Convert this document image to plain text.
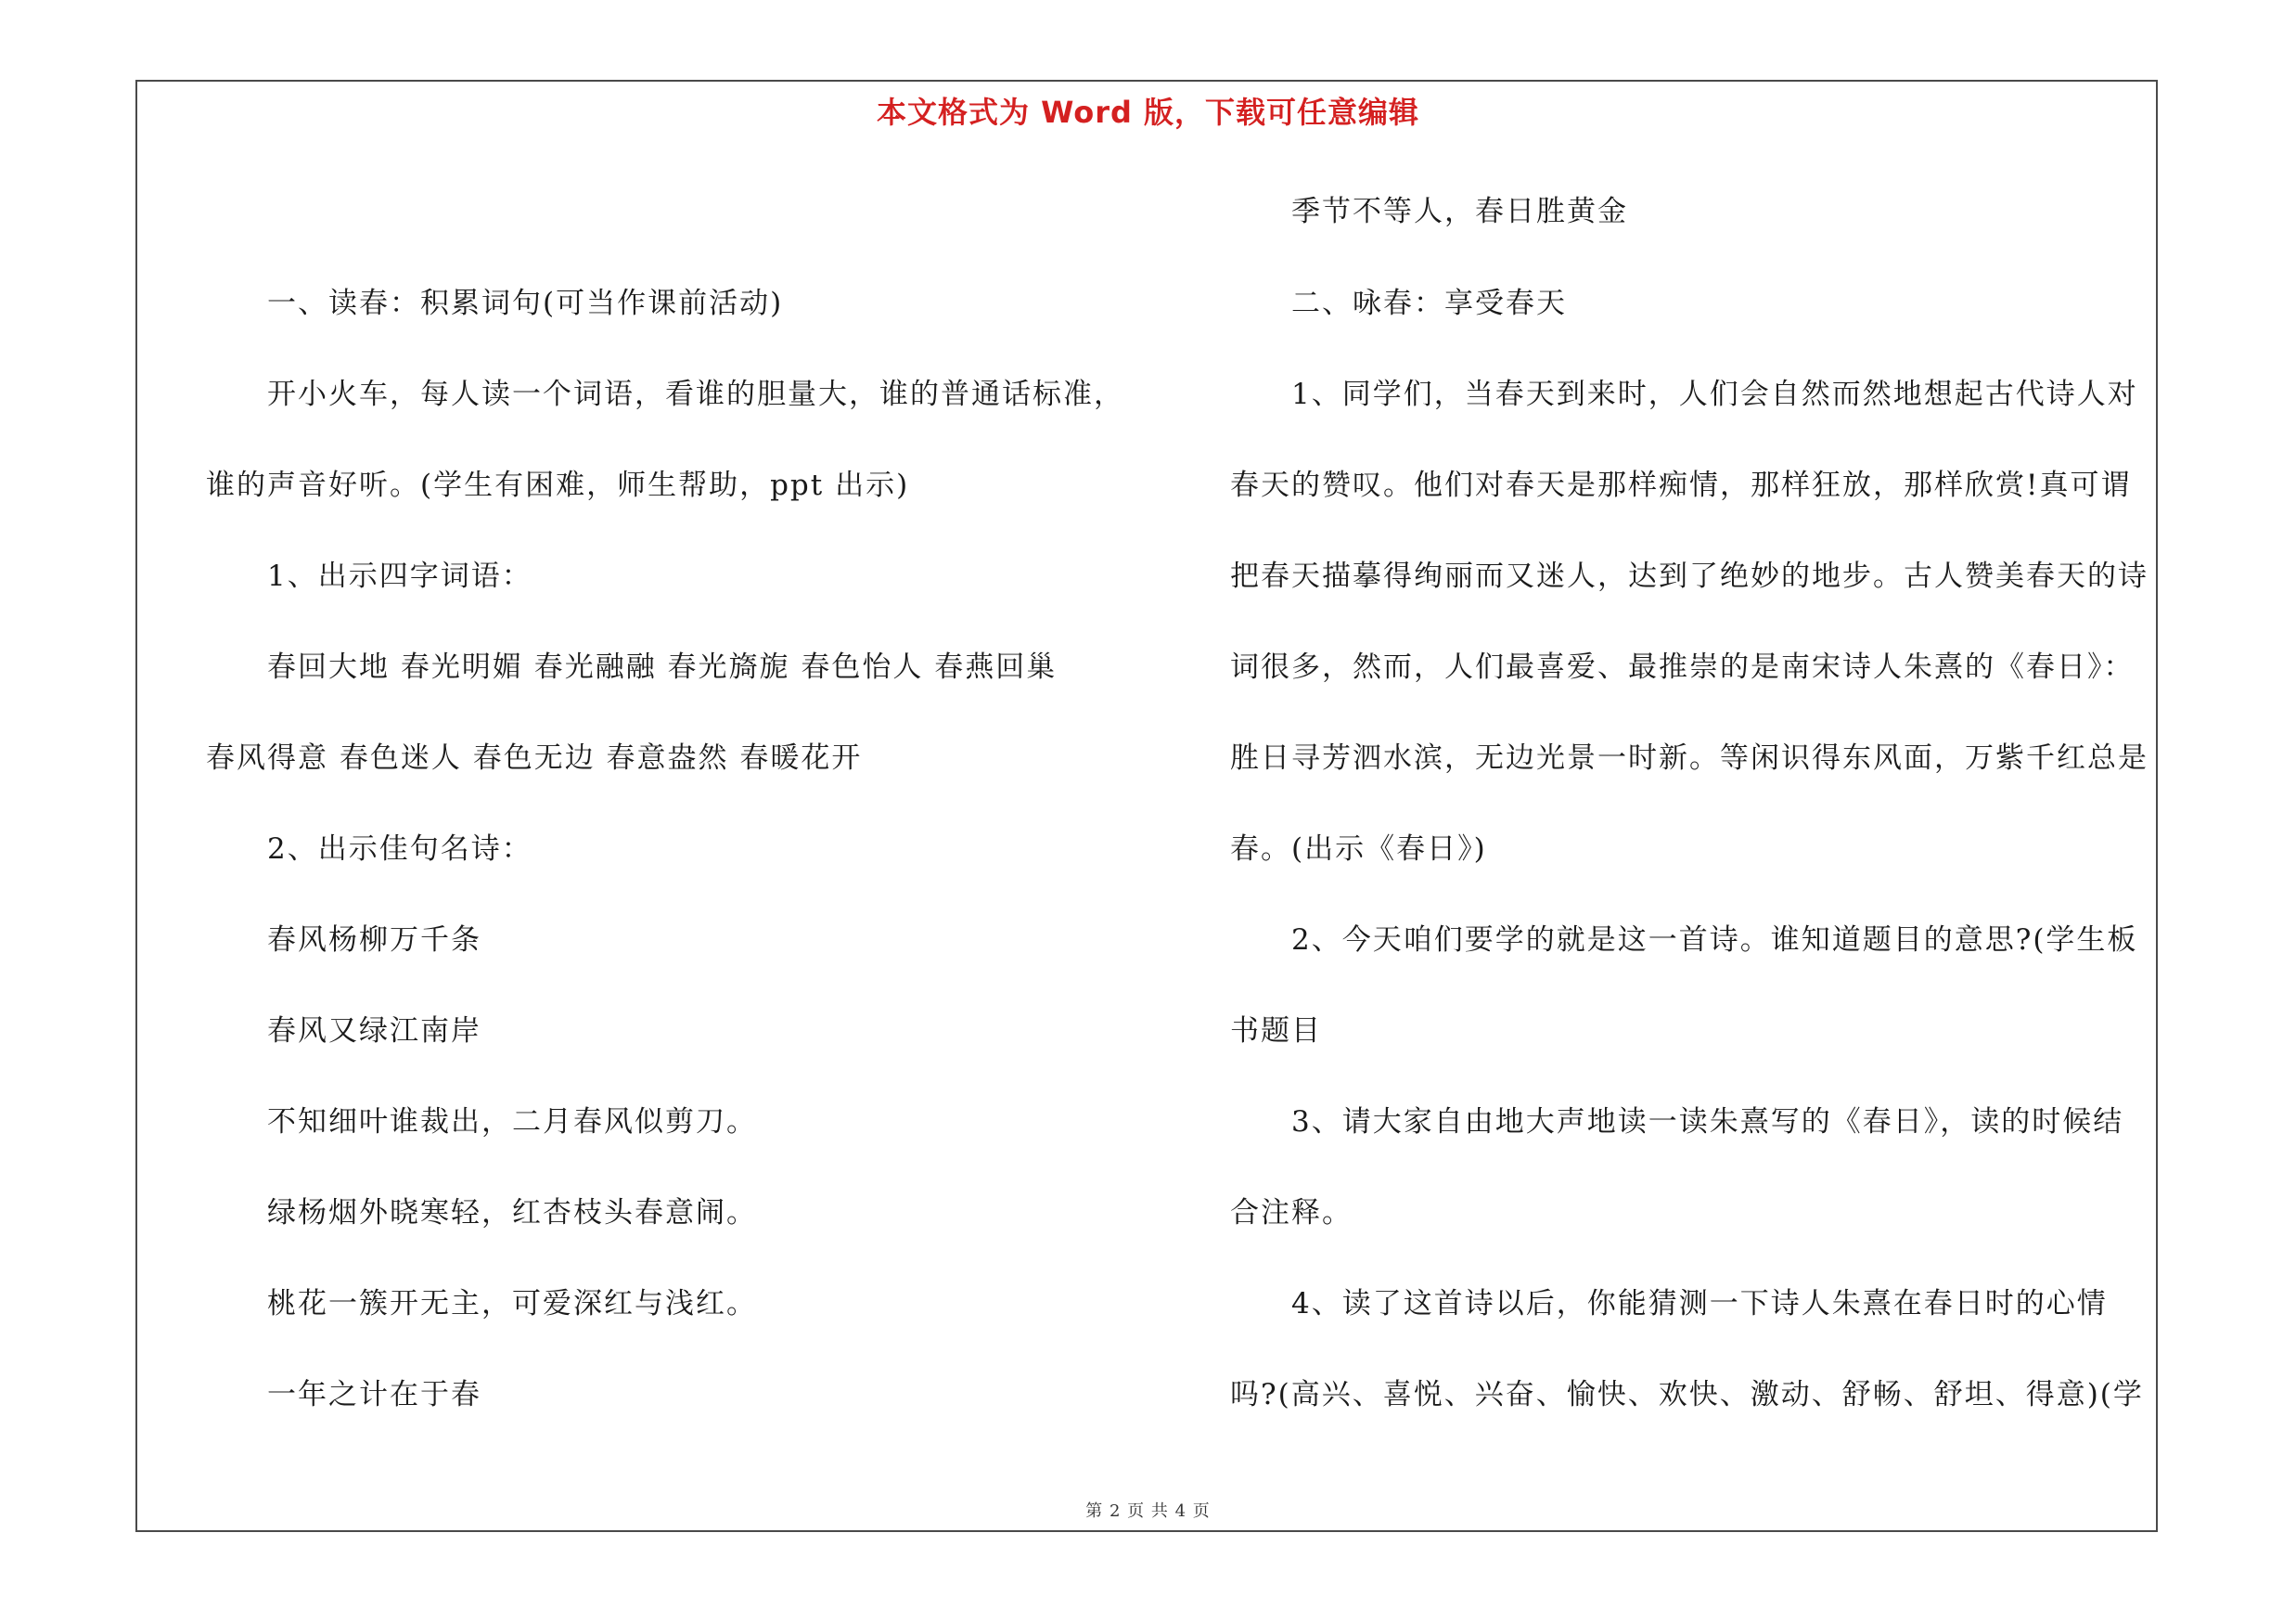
本文格式为 Word 版，下载可任意编辑
一、读春：积累词句(可当作课前活动)
开小火车，每人读一个词语，看谁的胆量大，谁的普通话标准，
谁的声音好听。(学生有困难，师生帮助，ppt 出示)
1、出示四字词语：
春回大地 春光明媚 春光融融 春光旖旎 春色怡人 春燕回巢
春风得意 春色迷人 春色无边 春意盎然 春暖花开
2、出示佳句名诗：
春风杨柳万千条
春风又绿江南岸
不知细叶谁裁出，二月春风似剪刀。
绿杨烟外晓寒轻，红杏枝头春意闹。
桃花一簇开无主，可爱深红与浅红。
一年之计在于春
季节不等人，春日胜黄金
二、咏春：享受春天
1、同学们，当春天到来时，人们会自然而然地想起古代诗人对
春天的赞叹。他们对春天是那样痴情，那样狂放，那样欣赏!真可谓
把春天描摹得绚丽而又迷人，达到了绝妙的地步。古人赞美春天的诗
词很多，然而，人们最喜爱、最推崇的是南宋诗人朱熹的《春日》：
胜日寻芳泗水滨，无边光景一时新。等闲识得东风面，万紫千红总是
春。(出示《春日》)
2、今天咱们要学的就是这一首诗。谁知道题目的意思?(学生板
书题目
3、请大家自由地大声地读一读朱熹写的《春日》，读的时候结
合注释。
4、读了这首诗以后，你能猜测一下诗人朱熹在春日时的心情
吗?(高兴、喜悦、兴奋、愉快、欢快、激动、舒畅、舒坦、得意)(学
第 2 页 共 4 页
